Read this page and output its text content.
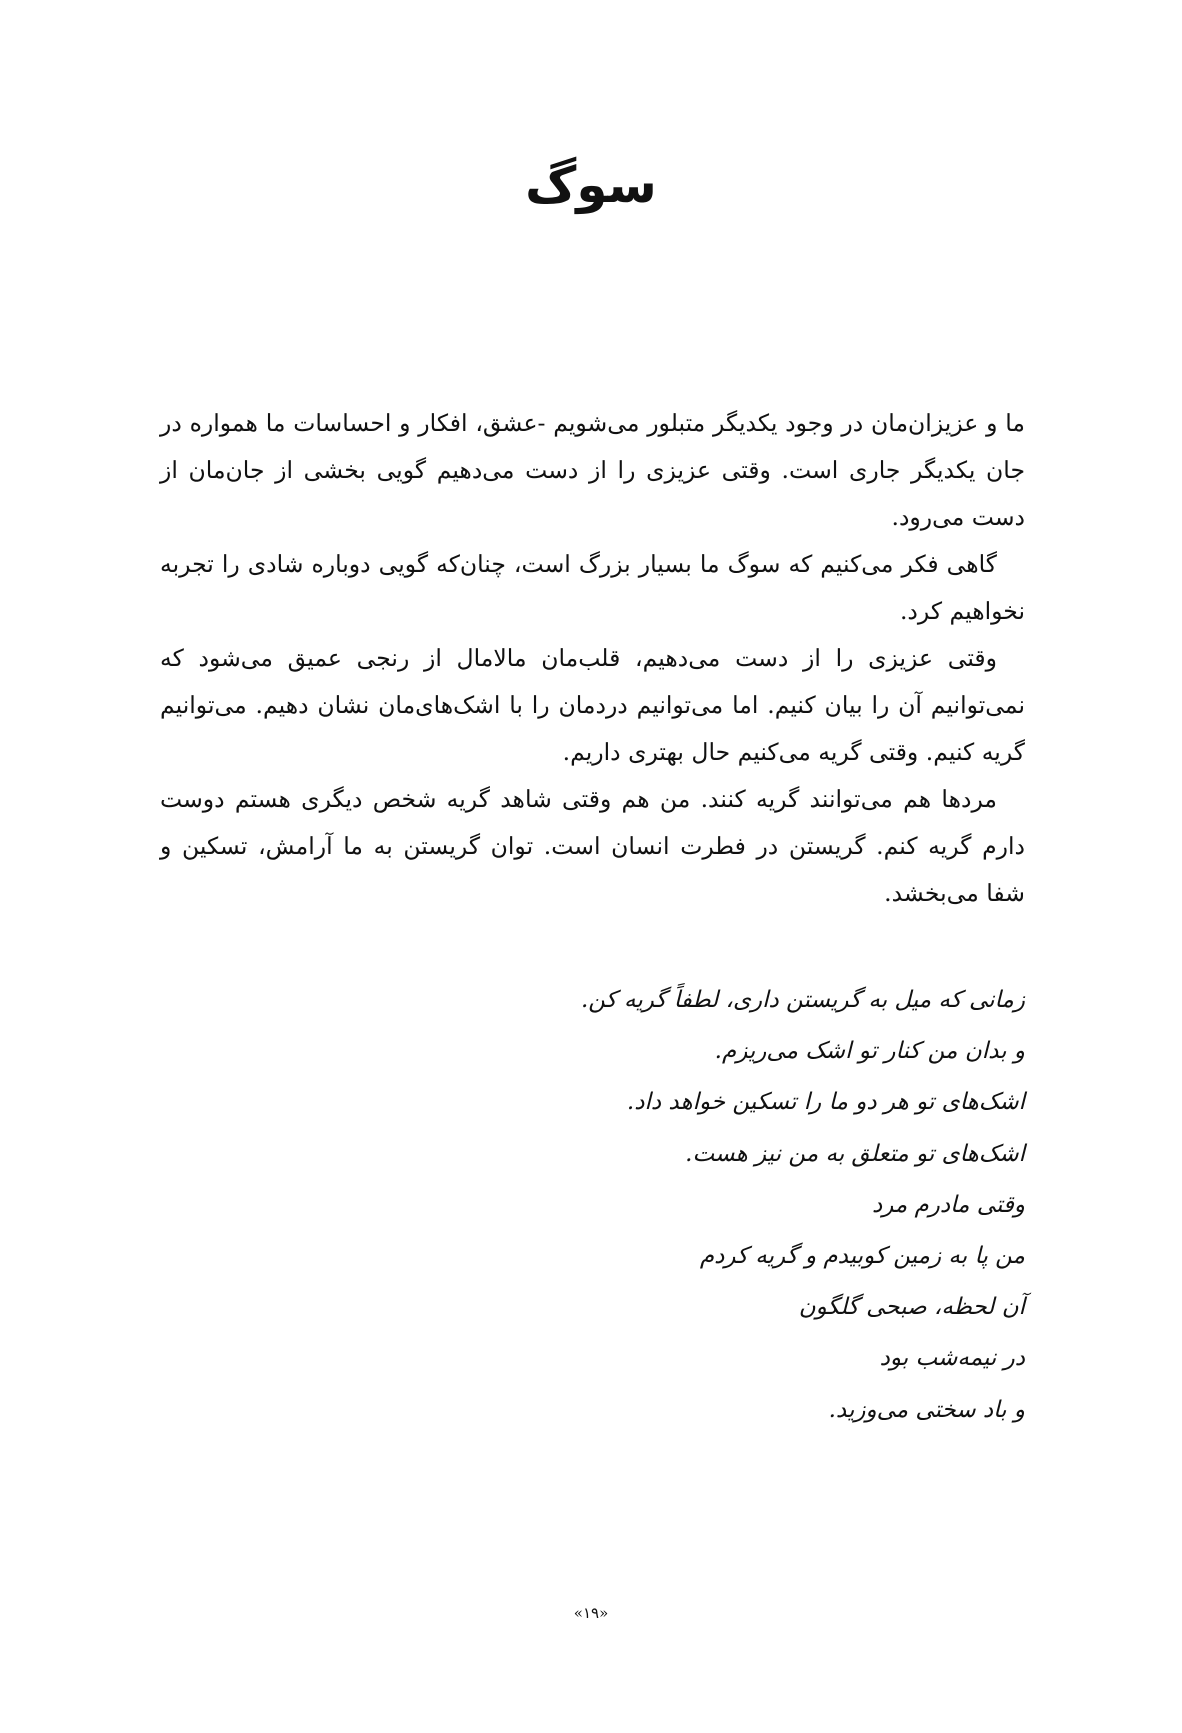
سوگ

ما و عزیزان‌مان در وجود یکدیگر متبلور می‌شویم -عشق، افکار و احساسات ما همواره در جان یکدیگر جاری است. وقتی عزیزی را از دست می‌دهیم گویی بخشی از جان‌مان از دست می‌رود.

گاهی فکر می‌کنیم که سوگ ما بسیار بزرگ است، چنان‌که گویی دوباره شادی را تجربه نخواهیم کرد.

وقتی عزیزی را از دست می‌دهیم، قلب‌مان مالامال از رنجی عمیق می‌شود که نمی‌توانیم آن را بیان کنیم. اما می‌توانیم دردمان را با اشک‌های‌مان نشان دهیم. می‌توانیم گریه کنیم. وقتی گریه می‌کنیم حال بهتری داریم.

مردها هم می‌توانند گریه کنند. من هم وقتی شاهد گریه شخص دیگری هستم دوست دارم گریه کنم. گریستن در فطرت انسان است. توان گریستن به ما آرامش، تسکین و شفا می‌بخشد.

زمانی که میل به گریستن داری، لطفاً گریه کن.
و بدان من کنار تو اشک می‌ریزم.
اشک‌های تو هر دو ما را تسکین خواهد داد.
اشک‌های تو متعلق به من نیز هست.
وقتی مادرم مرد
من پا به زمین کوبیدم و گریه کردم
آن لحظه، صبحی گلگون
در نیمه‌شب بود
و باد سختی می‌وزید.
«۱۹»
